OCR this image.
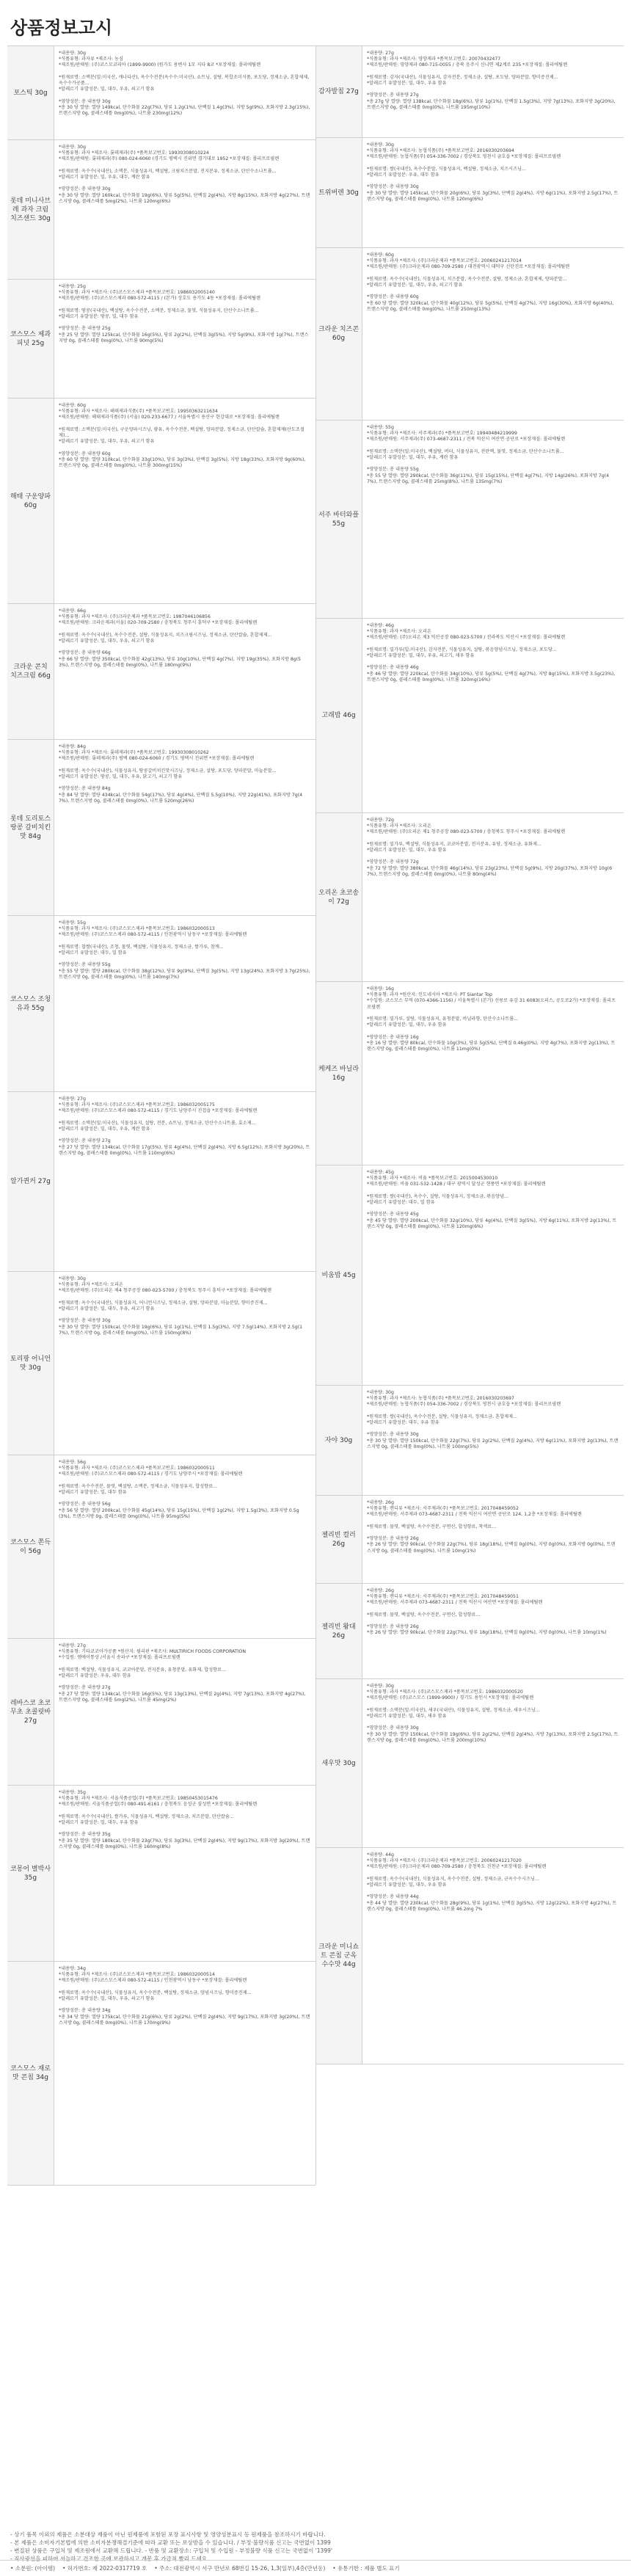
상품정보고시
포스틱 30g
*내용량: 30g
*식품유형: 과자류 *제조사: 농심
*제조원/판매원: (주)코스모코리아 (1899-9900) (원가도 용변사 1모 지다 8코 *포장재질: 폴리에틸렌

*원재료명: 소맥분(밀:미국산, 캐나다산), 옥수수전분(옥수수:미국산), 쇼트닝, 설탕, 복합조미식품, 포도당, 정제소금, 혼합제제, 옥수수가공품...
*알레르기 유발성분: 밀, 대두, 우유, 쇠고기 함유

*영양성분: 총 내용량 30g
*총 30 당 열량: 열량 149kcal, 탄수화물 22g(7%), 당류 1.2g(1%), 단백질 1.4g(3%), 지방 5g(9%), 포화지방 2.3g(15%), 트랜스지방 0g, 콜레스테롤 0mg(0%), 나트륨 230mg(12%)
롯데 미니사브레 과자 크림 치즈샌드 30g
*내용량: 30g
*식품유형: 과자 *제조사: 롯데제과(주) *품목보고번호: 19930308010224
*제조원/판매원: 롯데제과(주) 080-024-6060 (경기도 평택시 진위면 경기대로 1952 *포장재질: 폴리프로필렌

*원재료명: 옥수수(국내산), 소맥분, 식물성유지, 백설탕, 크림치즈분말, 전지분유, 정제소금, 탄산수소나트륨...
*알레르기 유발성분: 밀, 우유, 대두, 계란 함유

*영양성분: 총 내용량 30g
*총 30 당 열량: 열량 160kcal, 탄수화물 19g(6%), 당류 5g(5%), 단백질 2g(4%), 지방 8g(15%), 포화지방 4g(27%), 트랜스지방 0g, 콜레스테롤 5mg(2%), 나트륨 120mg(6%)
코스모스 제과 피넛 25g
*내용량: 25g
*식품유형: 과자 *제조사: (주)코스모스제과 *품목보고번호: 1986032005140
*제조원/판매원: (주)코스모스제과 080-572-4115 / (본가) 상호도 용가도 4동 *포장재질: 폴리에틸렌

*원재료명: 땅콩(국내산), 백설탕, 옥수수전분, 소맥분, 정제소금, 물엿, 식물성유지, 탄산수소나트륨...
*알레르기 유발성분: 땅콩, 밀, 대두 함유

*영양성분: 총 내용량 25g
*총 25 당 열량: 열량 125kcal, 탄수화물 16g(5%), 당류 2g(2%), 단백질 3g(5%), 지방 5g(9%), 포화지방 1g(7%), 트랜스지방 0g, 콜레스테롤 0mg(0%), 나트륨 90mg(5%)
해태 구운양파 60g
*내용량: 60g
*식품유형: 과자 *제조사: 해태제과식품(주) *품목보고번호: 19950363211634
*제조원/판매원: 해태제과식품(주) (서울) 020-233-6677 / 서울특별시 용산구 한강대로 *포장재질: 폴리에틸렌

*원재료명: 소맥분(밀:미국산), 구운양파시즈닝, 팜유, 옥수수전분, 백설탕, 양파분말, 정제소금, 탄산칼슘, 혼합제제(산도조절제)...
*알레르기 유발성분: 밀, 대두, 우유, 쇠고기 함유

*영양성분: 총 내용량 60g
*총 60 당 열량: 열량 310kcal, 탄수화물 33g(10%), 당류 3g(3%), 단백질 3g(5%), 지방 18g(33%), 포화지방 9g(60%), 트랜스지방 0g, 콜레스테롤 0mg(0%), 나트륨 300mg(15%)
크라운 콘치 치즈크림 66g
*내용량: 66g
*식품유형: 과자 *제조사: (주)크라운제과 *품목보고번호: 1987046106856
*제조원/판매원: 크라운제과(서울) 020-709-2580 / 충청북도 청주시 흥덕구 *포장재질: 폴리에틸렌

*원재료명: 옥수수(국내산), 옥수수전분, 설탕, 식물성유지, 치즈크림시즈닝, 정제소금, 탄산칼슘, 혼합제제...
*알레르기 유발성분: 밀, 대두, 우유, 쇠고기 함유

*영양성분: 총 내용량 66g
*총 66 당 열량: 열량 350kcal, 탄수화물 42g(13%), 당류 10g(10%), 단백질 4g(7%), 지방 19g(35%), 포화지방 8g(53%), 트랜스지방 0g, 콜레스테롤 0mg(0%), 나트륨 180mg(9%)
롯데 도리토스 땅콩 갈비치킨맛 84g
*내용량: 84g
*식품유형: 과자 *제조사: 롯데제과(주) *품목보고번호: 19930308010262
*제조원/판매원: 롯데제과(주) 평택 080-024-6060 / 경기도 평택시 진위면 *포장재질: 폴리에틸렌

*원재료명: 옥수수(국내산), 식물성유지, 땅콩갈비치킨맛시즈닝, 정제소금, 설탕, 포도당, 양파분말, 마늘분말...
*알레르기 유발성분: 땅콩, 밀, 대두, 우유, 닭고기, 쇠고기 함유

*영양성분: 총 내용량 84g
*총 84 당 열량: 열량 434kcal, 탄수화물 54g(17%), 당류 4g(4%), 단백질 5.5g(10%), 지방 22g(41%), 포화지방 7g(47%), 트랜스지방 0g, 콜레스테롤 0mg(0%), 나트륨 520mg(26%)
코스모스 조청유과 55g
*내용량: 55g
*식품유형: 과자 *제조사: (주)코스모스제과 *품목보고번호: 1986032000513
*제조원/판매원: (주)코스모스제과 080-572-4115 / 인천광역시 남동구 *포장재질: 폴리에틸렌

*원재료명: 찹쌀(국내산), 조청, 물엿, 백설탕, 식물성유지, 정제소금, 쌀가루, 참깨...
*알레르기 유발성분: 대두, 밀 함유

*영양성분: 총 내용량 55g
*총 55 당 열량: 열량 280kcal, 탄수화물 38g(12%), 당류 9g(9%), 단백질 3g(5%), 지방 13g(24%), 포화지방 3.7g(25%), 트랜스지방 0g, 콜레스테롤 0mg(0%), 나트륨 140mg(7%)
알가퀸커 27g
*내용량: 27g
*식품유형: 과자 *제조사: (주)코스모스제과 *품목보고번호: 1986032005175
*제조원/판매원: (주)코스모스제과 080-572-4115 / 경기도 남양주시 진접읍 *포장재질: 폴리에틸렌

*원재료명: 소맥분(밀:미국산), 식물성유지, 설탕, 전분, 쇼트닝, 정제소금, 탄산수소나트륨, 효소제...
*알레르기 유발성분: 밀, 대두, 우유, 계란 함유

*영양성분: 총 내용량 27g
*총 27 당 열량: 열량 134kcal, 탄수화물 17g(5%), 당류 4g(4%), 단백질 2g(4%), 지방 6.5g(12%), 포화지방 3g(20%), 트랜스지방 0g, 콜레스테롤 0mg(0%), 나트륨 110mg(6%)
토리팡 어니언맛 30g
*내용량: 30g
*식품유형: 과자 *제조사: 오리온
*제조원/판매원: (주)오리온 제4 청주공장 080-023-5700 / 충청북도 청주시 흥덕구 *포장재질: 폴리에틸렌

*원재료명: 옥수수(국내산), 식물성유지, 어니언시즈닝, 정제소금, 설탕, 양파분말, 마늘분말, 향미증진제...
*알레르기 유발성분: 밀, 대두, 우유, 쇠고기 함유

*영양성분: 총 내용량 30g
*총 30 당 열량: 열량 150kcal, 탄수화물 19g(6%), 당류 1g(1%), 단백질 1.5g(3%), 지방 7.5g(14%), 포화지방 2.5g(17%), 트랜스지방 0g, 콜레스테롤 0mg(0%), 나트륨 150mg(8%)
코스모스 쫀득이 56g
*내용량: 56g
*식품유형: 과자 *제조사: (주)코스모스제과 *품목보고번호: 1986032000511
*제조원/판매원: (주)코스모스제과 080-572-4115 / 경기도 남양주시 *포장재질: 폴리에틸렌

*원재료명: 옥수수전분, 물엿, 백설탕, 소맥분, 정제소금, 식물성유지, 합성향료...
*알레르기 유발성분: 밀, 대두 함유

*영양성분: 총 내용량 56g
*총 56 당 열량: 열량 200kcal, 탄수화물 45g(14%), 당류 15g(15%), 단백질 1g(2%), 지방 1.5g(3%), 포화지방 0.5g(3%), 트랜스지방 0g, 콜레스테롤 0mg(0%), 나트륨 95mg(5%)
레바스코 초코무초 초콜릿바 27g
*내용량: 27g
*식품유형: 기타코코아가공품 *원산지: 필리핀 *제조사: MULTIRICH FOODS CORPORATION
*수입원: 엠에이통상 /서울시 송파구 *포장재질: 폴리프로필렌

*원재료명: 백설탕, 식물성유지, 코코아분말, 전지분유, 유청분말, 유화제, 합성향료...
*알레르기 유발성분: 우유, 대두 함유

*영양성분: 총 내용량 27g
*총 27 당 열량: 열량 134kcal, 탄수화물 16g(5%), 당류 13g(13%), 단백질 2g(4%), 지방 7g(13%), 포화지방 4g(27%), 트랜스지방 0g, 콜레스테롤 5mg(2%), 나트륨 45mg(2%)
코몽어 별박사 35g
*내용량: 35g
*식품유형: 과자 *제조사: 서울식품공업(주) *품목보고번호: 19850453015476
*제조원/판매원: 서울식품공업(주) 080-491-6161 / 충청북도 음성군 삼성면 *포장재질: 폴리에틸렌

*원재료명: 옥수수(국내산), 쌀가루, 식물성유지, 백설탕, 정제소금, 치즈분말, 탄산칼슘...
*알레르기 유발성분: 밀, 대두, 우유 함유

*영양성분: 총 내용량 35g
*총 35 당 열량: 열량 180kcal, 탄수화물 23g(7%), 당류 3g(3%), 단백질 2g(4%), 지방 9g(17%), 포화지방 3g(20%), 트랜스지방 0g, 콜레스테롤 0mg(0%), 나트륨 160mg(8%)
코스모스 재로맛 콘칩 34g
*내용량: 34g
*식품유형: 과자 *제조사: (주)코스모스제과 *품목보고번호: 1986032000514
*제조원/판매원: (주)코스모스제과 080-572-4115 / 인천광역시 남동구 *포장재질: 폴리에틸렌

*원재료명: 옥수수(국내산), 식물성유지, 옥수수전분, 백설탕, 정제소금, 양념시즈닝, 향미증진제...
*알레르기 유발성분: 밀, 대두, 우유, 쇠고기 함유

*영양성분: 총 내용량 34g
*총 34 당 열량: 열량 175kcal, 탄수화물 21g(6%), 당류 2g(2%), 단백질 2g(4%), 지방 9g(17%), 포화지방 3g(20%), 트랜스지방 0g, 콜레스테롤 0mg(0%), 나트륨 170mg(9%)
감자발칩 27g
*내용량: 27g
*식품유형: 과자 *제조사: 영양제과 *품목보고번호: 20070432477
*제조원/판매원: 영양제과 080-715-0055 / 충북 음주시 신니면 제2계로 235 *포장재질: 폴리에틸렌

*원재료명: 감자(국내산), 식물성유지, 감자전분, 정제소금, 설탕, 포도당, 양파분말, 향미증진제...
*알레르기 유발성분: 밀, 대두, 우유 함유

*영양성분: 총 내용량 27g
*총 27g 당 열량: 열량 138kcal, 탄수화물 18g(6%), 당류 1g(1%), 단백질 1.5g(3%), 지방 7g(13%), 포화지방 3g(20%), 트랜스지방 0g, 콜레스테롤 0mg(0%), 나트륨 195mg(10%)
트위버렌 30g
*내용량: 30g
*식품유형: 과자 *제조사: 농협식품(주) *품목보고번호: 2016030203694
*제조원/판매원: 농협식품(주) 054-336-7002 / 경상북도 영천시 금호읍 *포장재질: 폴리프로필렌

*원재료명: 쌀(국내산), 옥수수분말, 식물성유지, 백설탕, 정제소금, 치즈시즈닝...
*알레르기 유발성분: 우유, 대두 함유

*영양성분: 총 내용량 30g
*총 30 당 열량: 열량 145kcal, 탄수화물 20g(6%), 당류 3g(3%), 단백질 2g(4%), 지방 6g(11%), 포화지방 2.5g(17%), 트랜스지방 0g, 콜레스테롤 0mg(0%), 나트륨 120mg(6%)
크라운 치즈콘 60g
*내용량: 60g
*식품유형: 과자 *제조사: (주)크라운제과 *품목보고번호: 20060241217014
*제조원/판매원: (주)크라운제과 080-709-2580 / 대전광역시 대덕구 신탄진로 *포장재질: 폴리에틸렌

*원재료명: 옥수수(국내산), 식물성유지, 치즈분말, 옥수수전분, 설탕, 정제소금, 혼합제제, 양파분말...
*알레르기 유발성분: 밀, 대두, 우유, 쇠고기 함유

*영양성분: 총 내용량 60g
*총 60 당 열량: 열량 320kcal, 탄수화물 40g(12%), 당류 5g(5%), 단백질 4g(7%), 지방 16g(30%), 포화지방 6g(40%), 트랜스지방 0g, 콜레스테롤 0mg(0%), 나트륨 250mg(13%)
서주 바터와플 55g
*내용량: 55g
*식품유형: 과자 *제조사: 서주제과(주) *품목보고번호: 19940484219999
*제조원/판매원: 서주제과(주) 073-4687-2311 / 전북 익산시 여산면 공단로 *포장재질: 폴리에틸렌

*원재료명: 소맥분(밀:미국산), 백설탕, 버터, 식물성유지, 전란액, 물엿, 정제소금, 탄산수소나트륨...
*알레르기 유발성분: 밀, 대두, 우유, 계란 함유

*영양성분: 총 내용량 55g
*총 55 당 열량: 열량 290kcal, 탄수화물 36g(11%), 당류 15g(15%), 단백질 4g(7%), 지방 14g(26%), 포화지방 7g(47%), 트랜스지방 0g, 콜레스테롤 25mg(8%), 나트륨 135mg(7%)
고래밥 46g
*내용량: 46g
*식품유형: 과자 *제조사: 오리온
*제조원/판매원: (주)오리온 제3 익산공장 080-023-5700 / 전라북도 익산시 *포장재질: 폴리에틸렌

*원재료명: 밀가루(밀:미국산), 감자전분, 식물성유지, 설탕, 볶음양념시즈닝, 정제소금, 포도당...
*알레르기 유발성분: 밀, 대두, 우유, 쇠고기, 새우 함유

*영양성분: 총 내용량 46g
*총 46 당 열량: 열량 220kcal, 탄수화물 34g(10%), 당류 5g(5%), 단백질 4g(7%), 지방 8g(15%), 포화지방 3.5g(23%), 트랜스지방 0g, 콜레스테롤 0mg(0%), 나트륨 320mg(16%)
오리온 초코송이 72g
*내용량: 72g
*식품유형: 과자 *제조사: 오리온
*제조원/판매원: (주)오리온 제1 청주공장 080-023-5700 / 충청북도 청주시 *포장재질: 폴리에틸렌

*원재료명: 밀가루, 백설탕, 식물성유지, 코코아분말, 전지분유, 유당, 정제소금, 유화제...
*알레르기 유발성분: 밀, 대두, 우유 함유

*영양성분: 총 내용량 72g
*총 72 당 열량: 열량 380kcal, 탄수화물 46g(14%), 당류 23g(23%), 단백질 5g(9%), 지방 20g(37%), 포화지방 10g(67%), 트랜스지방 0g, 콜레스테롤 0mg(0%), 나트륨 80mg(4%)
케케즈 바닐라 16g
*내용량: 16g
*식품유형: 과자 *원산지: 인도네시아 *제조사: PT Siantar Top
*수입원: 코스모스 무역 (070-4366-1156) / 서울특별시 (본가) 선릉로 유감 31 6083(오피스, 공도로2가) *포장재질: 폴리프로필렌

*원재료명: 밀가루, 설탕, 식물성유지, 유청분말, 바닐라향, 탄산수소나트륨...
*알레르기 유발성분: 밀, 대두, 우유 함유

*영양성분: 총 내용량 16g
*총 16 당 열량: 열량 80kcal, 탄수화물 10g(3%), 당류 5g(5%), 단백질 0.46g(0%), 지방 4g(7%), 포화지방 2g(13%), 트랜스지방 0g, 콜레스테롤 0mg(0%), 나트륨 11mg(0%)
비움밥 45g
*내용량: 45g
*식품유형: 과자 *제조사: 비움 *품목보고번호: 2015004530010
*제조원/판매원: 비움 031-532-1428 / 대구 광역시 달성군 현풍면 *포장재질: 폴리에틸렌

*원재료명: 쌀(국내산), 옥수수, 설탕, 식물성유지, 정제소금, 볶음양념...
*알레르기 유발성분: 대두, 밀 함유

*영양성분: 총 내용량 45g
*총 45 당 열량: 열량 200kcal, 탄수화물 32g(10%), 당류 4g(4%), 단백질 3g(5%), 지방 6g(11%), 포화지방 2g(13%), 트랜스지방 0g, 콜레스테롤 0mg(0%), 나트륨 120mg(6%)
자야 30g
*내용량: 30g
*식품유형: 과자 *제조사: 농협식품(주) *품목보고번호: 2016030203697
*제조원/판매원: 농협식품(주) 054-336-7002 / 경상북도 영천시 금호읍 *포장재질: 폴리프로필렌

*원재료명: 쌀(국내산), 옥수수전분, 설탕, 식물성유지, 정제소금, 혼합제제...
*알레르기 유발성분: 대두, 우유 함유

*영양성분: 총 내용량 30g
*총 30 당 열량: 열량 150kcal, 탄수화물 22g(7%), 당류 2g(2%), 단백질 2g(4%), 지방 6g(11%), 포화지방 2g(13%), 트랜스지방 0g, 콜레스테롤 0mg(0%), 나트륨 100mg(5%)
젤리빈 컬러 26g
*내용량: 26g
*식품유형: 캔디류 *제조사: 서주제과(주) *품목보고번호: 2017048459052
*제조원/판매원: 서주제과 073-4687-2311 / 전북 익산시 여산면 공단로 124, 1,2층 *포장재질: 폴리에틸렌

*원재료명: 물엿, 백설탕, 옥수수전분, 구연산, 합성향료, 착색료...

*영양성분: 총 내용량 26g
*총 26 당 열량: 열량 90kcal, 탄수화물 22g(7%), 당류 18g(18%), 단백질 0g(0%), 지방 0g(0%), 포화지방 0g(0%), 트랜스지방 0g, 콜레스테롤 0mg(0%), 나트륨 10mg(1%)
젤리빈 왕대 26g
*내용량: 26g
*식품유형: 캔디류 *제조사: 서주제과(주) *품목보고번호: 2017048459051
*제조원/판매원: 서주제과 073-4687-2311 / 전북 익산시 여산면 *포장재질: 폴리에틸렌

*원재료명: 물엿, 백설탕, 옥수수전분, 구연산, 합성향료...

*영양성분: 총 내용량 26g
*총 26 당 열량: 열량 90kcal, 탄수화물 22g(7%), 당류 18g(18%), 단백질 0g(0%), 지방 0g(0%), 나트륨 10mg(1%)
새우맛 30g
*내용량: 30g
*식품유형: 과자 *제조사: (주)코스모스제과 *품목보고번호: 1986032000520
*제조원/판매원: (주)코스모스 (1899-9900) / 경기도 용인시 *포장재질: 폴리에틸렌

*원재료명: 소맥분(밀:미국산), 새우(국내산), 식물성유지, 설탕, 정제소금, 새우시즈닝...
*알레르기 유발성분: 밀, 대두, 새우 함유

*영양성분: 총 내용량 30g
*총 30 당 열량: 열량 150kcal, 탄수화물 19g(6%), 당류 2g(2%), 단백질 2g(4%), 지방 7g(13%), 포화지방 2.5g(17%), 트랜스지방 0g, 콜레스테롤 0mg(0%), 나트륨 200mg(10%)
크라운 미니쇼트 콘칩 군옥수수맛 44g
*내용량: 44g
*식품유형: 과자 *제조사: (주)크라운제과 *품목보고번호: 20060241217020
*제조원/판매원: (주)크라운제과 080-709-2580 / 충청북도 진천군 *포장재질: 폴리에틸렌

*원재료명: 옥수수(국내산), 식물성유지, 옥수수전분, 설탕, 정제소금, 군옥수수시즈닝...
*알레르기 유발성분: 밀, 대두, 우유 함유

*영양성분: 총 내용량 44g
*총 44 당 열량: 열량 230kcal, 탄수화물 28g(9%), 당류 1g(1%), 단백질 3g(5%), 지방 12g(22%), 포화지방 4g(27%), 트랜스지방 0g, 콜레스테롤 0mg(0%), 나트륨 46.2mg 7%
- 상기 품목 이외의 제품은 소분대상 제품이 아닌 원제품에 포함된 포장 표시사항 및 영양성분표시 등 원제품을 참조하시기 바랍니다.
- 본 제품은 소비자기본법에 의한 소비자분쟁해결기준에 따라 교환 또는 보상받을 수 있습니다. / 부정·불량식품 신고는 국번없이 1399
- 변질된 상품은 구입처 및 제조원에서 교환해 드립니다. - 반품 및 교환장소: 구입처 및 수입원 - 부정불량 식품 신고는 국번없이 '1399'
- 직사광선을 피하여 서늘하고 건조한 곳에 보관하시고 개봉 후 가급적 빨리 드세요.
• 소분원: (아이템) • 허가번호: 제 2022-0317719 호 • 주소: 대전광역시 서구 만년로 68번길 15-26, 1,3(일부),4층(만년동) • 유통기한 : 제품 별도 표기
